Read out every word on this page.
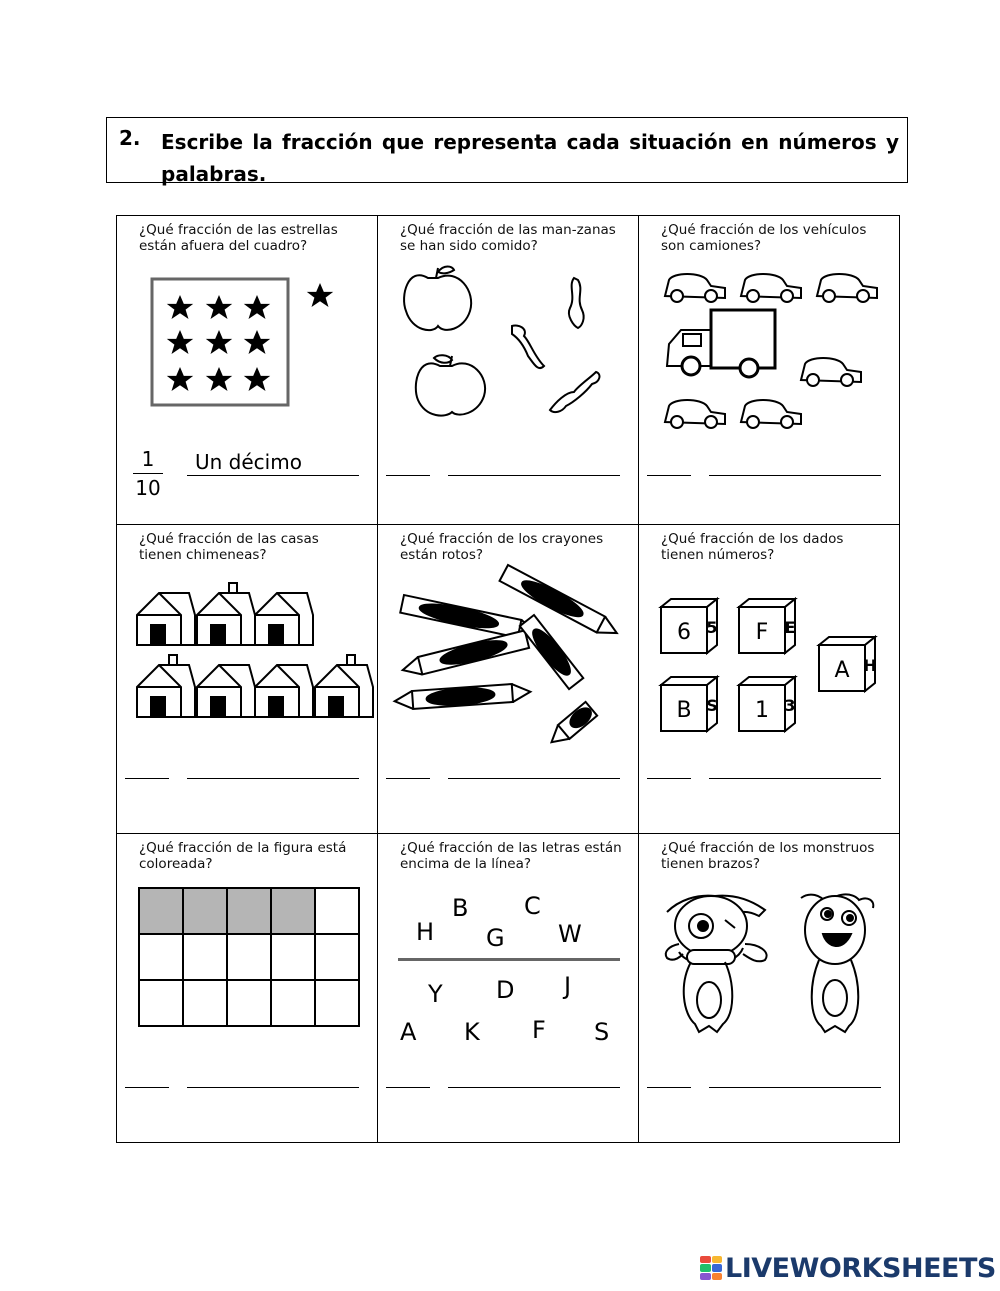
2. Escribe la fracción que representa cada situación en números y palabras.
¿Qué fracción de las estrellas están afuera del cuadro?
1
10
Un décimo
¿Qué fracción de las man-zanas se han sido comido?
¿Qué fracción de los vehículos son camiones?
¿Qué fracción de las casas tienen chimeneas?
¿Qué fracción de los crayones están rotos?
¿Qué fracción de los dados tienen números?
6 5 F E
A H
B S 1 3
¿Qué fracción de la figura está coloreada?
¿Qué fracción de las letras están encima de la línea?
H
B
G
C
W
Y D J
A K F S
¿Qué fracción de los monstruos tienen brazos?
LIVEWORKSHEETS
